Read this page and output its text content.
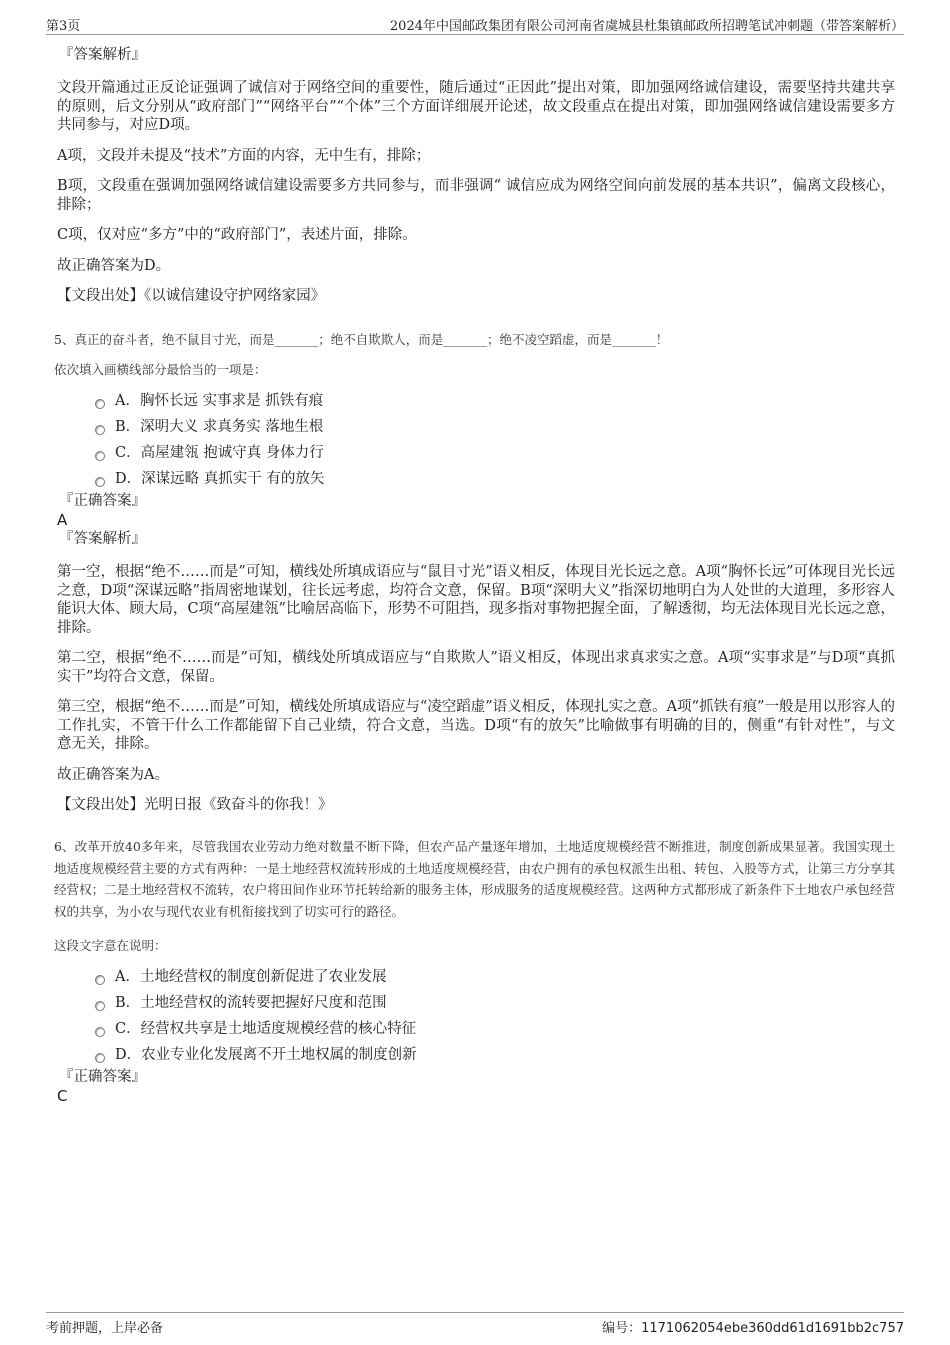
第3页	2024年中国邮政集团有限公司河南省虞城县杜集镇邮政所招聘笔试冲刺题（带答案解析）
『答案解析』

文段开篇通过正反论证强调了诚信对于网络空间的重要性，随后通过“正因此”提出对策，即加强网络诚信建设，需要坚持共建共享的原则，后文分别从“政府部门”“网络平台”“个体”三个方面详细展开论述，故文段重点在提出对策，即加强网络诚信建设需要多方共同参与，对应D项。

A项，文段并未提及“技术”方面的内容，无中生有，排除；

B项，文段重在强调加强网络诚信建设需要多方共同参与，而非强调“ 诚信应成为网络空间向前发展的基本共识”，偏离文段核心，排除；

C项，仅对应“多方”中的“政府部门”，表述片面，排除。

故正确答案为D。

【文段出处】《以诚信建设守护网络家园》

5、真正的奋斗者，绝不鼠目寸光，而是_______；绝不自欺欺人，而是_______；绝不凌空蹈虚，而是_______！

依次填入画横线部分最恰当的一项是：

A．胸怀长远 实事求是 抓铁有痕
B．深明大义 求真务实 落地生根
C．高屋建瓴 抱诚守真 身体力行
D．深谋远略 真抓实干 有的放矢
『正确答案』
A
『答案解析』

第一空，根据“绝不……而是”可知，横线处所填成语应与“鼠目寸光”语义相反，体现目光长远之意。A项“胸怀长远”可体现目光长远之意，D项“深谋远略”指周密地谋划，往长远考虑，均符合文意，保留。B项“深明大义”指深切地明白为人处世的大道理，多形容人能识大体、顾大局，C项“高屋建瓴”比喻居高临下，形势不可阻挡，现多指对事物把握全面，了解透彻，均无法体现目光长远之意，排除。

第二空，根据“绝不……而是”可知，横线处所填成语应与“自欺欺人”语义相反，体现出求真求实之意。A项“实事求是”与D项“真抓实干”均符合文意，保留。

第三空，根据“绝不……而是”可知，横线处所填成语应与“凌空蹈虚”语义相反，体现扎实之意。A项“抓铁有痕”一般是用以形容人的工作扎实，不管干什么工作都能留下自己业绩，符合文意，当选。D项“有的放矢”比喻做事有明确的目的，侧重“有针对性”，与文意无关，排除。

故正确答案为A。

【文段出处】光明日报《致奋斗的你我！》

6、改革开放40多年来，尽管我国农业劳动力绝对数量不断下降，但农产品产量逐年增加，土地适度规模经营不断推进，制度创新成果显著。我国实现土地适度规模经营主要的方式有两种：一是土地经营权流转形成的土地适度规模经营，由农户拥有的承包权派生出租、转包、入股等方式，让第三方分享其经营权；二是土地经营权不流转，农户将田间作业环节托转给新的服务主体，形成服务的适度规模经营。这两种方式都形成了新条件下土地农户承包经营权的共享，为小农与现代农业有机衔接找到了切实可行的路径。

这段文字意在说明：

A．土地经营权的制度创新促进了农业发展
B．土地经营权的流转要把握好尺度和范围
C．经营权共享是土地适度规模经营的核心特征
D．农业专业化发展离不开土地权属的制度创新
『正确答案』
C
考前押题，上岸必备	编号：1171062054ebe360dd61d1691bb2c757
